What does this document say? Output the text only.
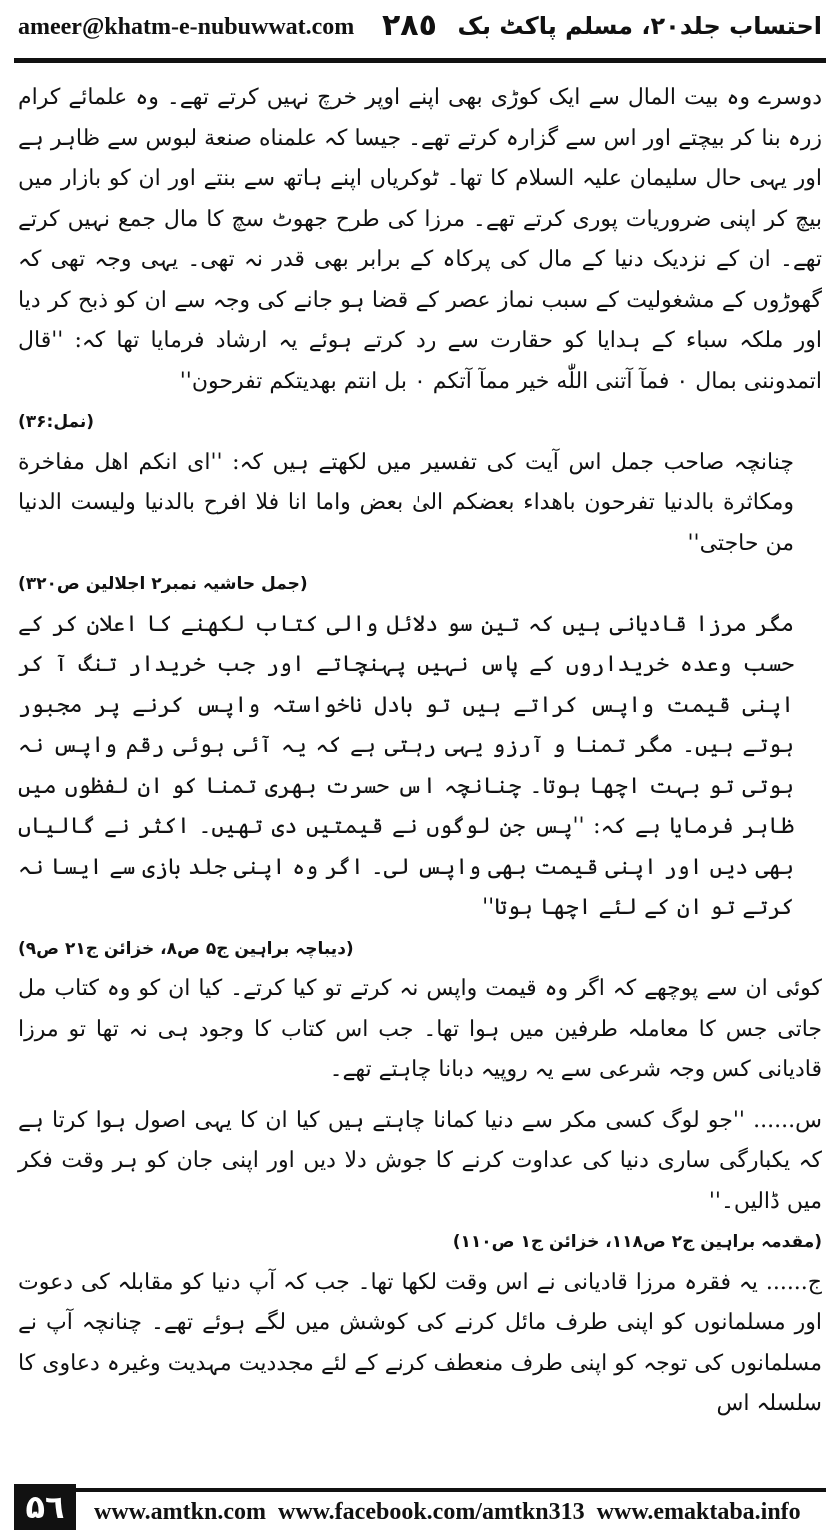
ameer@khatm-e-nubuwwat.com ٢٨٥ احتساب جلد۲۰، مسلم پاکٹ بک

دوسرے وہ بیت المال سے ایک کوڑی بھی اپنے اوپر خرچ نہیں کرتے تھے۔ وہ علمائے کرام زرہ بنا کر بیچتے اور اس سے گزارہ کرتے تھے۔ جیسا کہ علمناه صنعة لبوس سے ظاہر ہے اور یہی حال سلیمان علیہ السلام کا تھا۔ ٹوکریاں اپنے ہاتھ سے بنتے اور ان کو بازار میں بیچ کر اپنی ضروریات پوری کرتے تھے۔ مرزا کی طرح جھوٹ سچ کا مال جمع نہیں کرتے تھے۔ ان کے نزدیک دنیا کے مال کی پرکاہ کے برابر بھی قدر نہ تھی۔ یہی وجہ تھی کہ گھوڑوں کے مشغولیت کے سبب نماز عصر کے قضا ہو جانے کی وجہ سے ان کو ذبح کر دیا اور ملکہ سباء کے ہدایا کو حقارت سے رد کرتے ہوئے یہ ارشاد فرمایا تھا کہ: ''قال اتمدوننی بمال ۰ فمآ آتنی اللّٰه خیر ممآ آتکم ۰ بل انتم بھدیتکم تفرحون''

(نمل:۳۶)

چنانچہ صاحب جمل اس آیت کی تفسیر میں لکھتے ہیں کہ: ''ای انکم اھل مفاخرة ومکاثرة بالدنیا تفرحون باھداء بعضکم الیٰ بعض واما انا فلا افرح بالدنیا ولیست الدنیا من حاجتی''

(جمل حاشیہ نمبر۲ اجلالین ص۳۲۰)

مگر مرزا قادیانی ہیں کہ تین سو دلائل والی کتاب لکھنے کا اعلان کر کے حسب وعدہ خریداروں کے پاس نہیں پہنچاتے اور جب خریدار تنگ آ کر اپنی قیمت واپس کراتے ہیں تو بادل ناخواستہ واپس کرنے پر مجبور ہوتے ہیں۔ مگر تمنا و آرزو یہی رہتی ہے کہ یہ آئی ہوئی رقم واپس نہ ہوتی تو بہت اچھا ہوتا۔ چنانچہ اس حسرت بھری تمنا کو ان لفظوں میں ظاہر فرمایا ہے کہ: ''پس جن لوگوں نے قیمتیں دی تھیں۔ اکثر نے گالیاں بھی دیں اور اپنی قیمت بھی واپس لی۔ اگر وہ اپنی جلد بازی سے ایسا نہ کرتے تو ان کے لئے اچھا ہوتا''

(دیباچہ براہین ج۵ ص۸، خزائن ج۲۱ ص۹)

کوئی ان سے پوچھے کہ اگر وہ قیمت واپس نہ کرتے تو کیا کرتے۔ کیا ان کو وہ کتاب مل جاتی جس کا معاملہ طرفین میں ہوا تھا۔ جب اس کتاب کا وجود ہی نہ تھا تو مرزا قادیانی کس وجہ شرعی سے یہ روپیہ دبانا چاہتے تھے۔

س...... ''جو لوگ کسی مکر سے دنیا کمانا چاہتے ہیں کیا ان کا یہی اصول ہوا کرتا ہے کہ یکبارگی ساری دنیا کی عداوت کرنے کا جوش دلا دیں اور اپنی جان کو ہر وقت فکر میں ڈالیں۔''

(مقدمہ براہین ج۲ ص۱۱۸، خزائن ج۱ ص۱۱۰)

ج...... یہ فقرہ مرزا قادیانی نے اس وقت لکھا تھا۔ جب کہ آپ دنیا کو مقابلہ کی دعوت اور مسلمانوں کو اپنی طرف مائل کرنے کی کوشش میں لگے ہوئے تھے۔ چنانچہ آپ نے مسلمانوں کی توجہ کو اپنی طرف منعطف کرنے کے لئے مجددیت مہدیت وغیرہ دعاوی کا سلسلہ اس

۵٦	www.amtkn.com www.facebook.com/amtkn313 www.emaktaba.info
